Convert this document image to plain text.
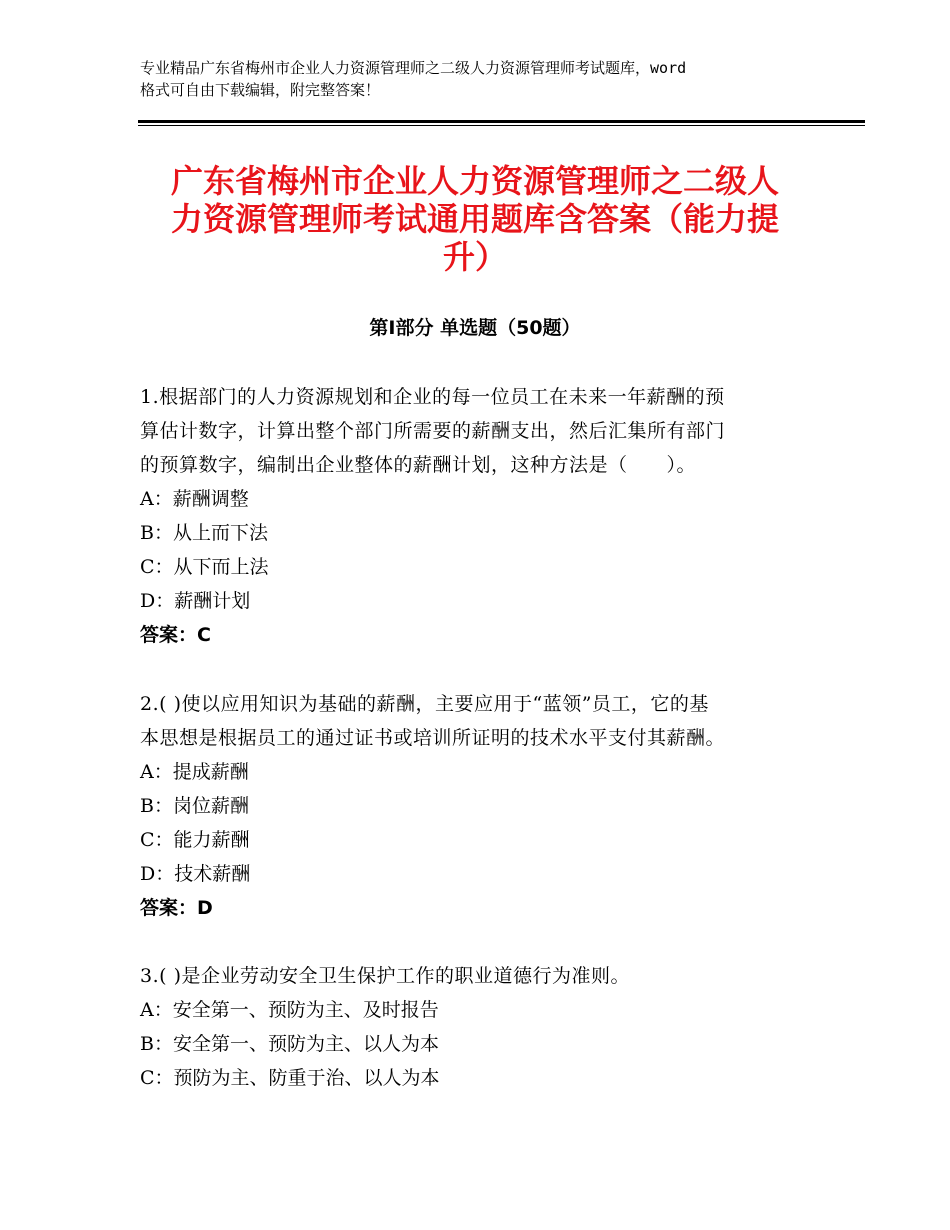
专业精品广东省梅州市企业人力资源管理师之二级人力资源管理师考试题库，word
格式可自由下载编辑，附完整答案！
广东省梅州市企业人力资源管理师之二级人
力资源管理师考试通用题库含答案（能力提
升）
第Ⅰ部分 单选题（50题）

1.根据部门的人力资源规划和企业的每一位员工在未来一年薪酬的预

算估计数字，计算出整个部门所需要的薪酬支出，然后汇集所有部门

的预算数字，编制出企业整体的薪酬计划，这种方法是（　　）。

A：薪酬调整

B：从上而下法

C：从下而上法

D：薪酬计划

答案：C

2.( )使以应用知识为基础的薪酬，主要应用于“蓝领”员工，它的基

本思想是根据员工的通过证书或培训所证明的技术水平支付其薪酬。

A：提成薪酬

B：岗位薪酬

C：能力薪酬

D：技术薪酬

答案：D

3.( )是企业劳动安全卫生保护工作的职业道德行为准则。

A：安全第一、预防为主、及时报告

B：安全第一、预防为主、以人为本

C：预防为主、防重于治、以人为本
